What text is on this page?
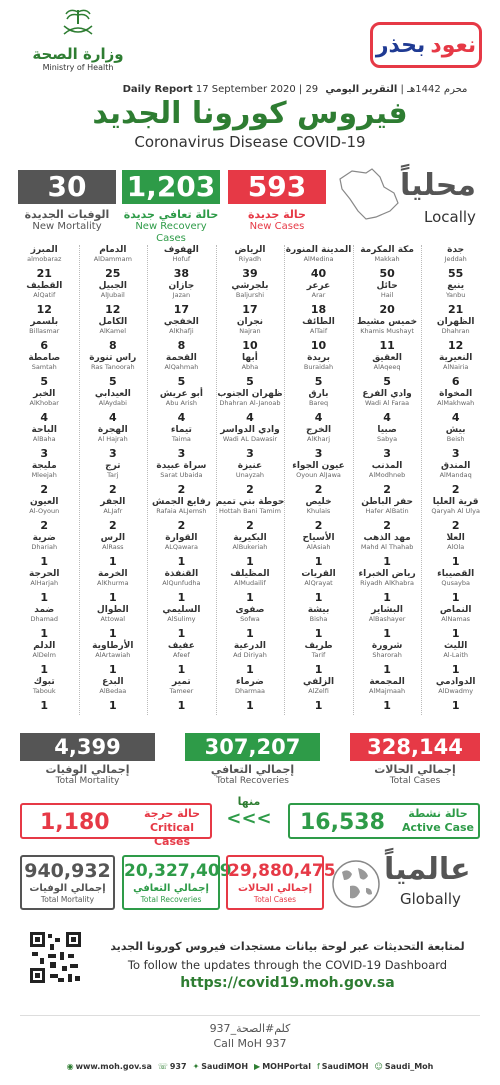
وزارة الصحة
Ministry of Health
بحذر
نعود
Daily Report 17 September 2020 | 29 محرم 1442هـ | التقرير اليومي
فيروس كورونا الجديد
Coronavirus Disease COVID-19
30
الوفيات الجديدة
New Mortality
1,203
حالة تعافي جديدة
New Recovery Cases
593
حالة جديدة
New Cases
محلياً
Locally
جدة
Jeddah
55
مكة المكرمة
Makkah
50
المدينة المنورة
AlMedina
40
الرياض
Riyadh
39
الهفوف
Hofuf
38
الدمام
AlDammam
25
المبرز
almobaraz
21
ينبع
Yanbu
21
حائل
Hail
20
عرعر
Arar
18
بلجرشي
Baljurshi
17
جازان
Jazan
17
الجبيل
AlJubail
12
القطيف
AlQatif
12
الظهران
Dhahran
12
خميس مشيط
Khamis Mushayt
11
الطائف
AlTaif
10
نجران
Najran
10
الخفجي
AlKhafji
8
الكامل
AlKamel
8
بلسمر
Billasmar
6
النعيرية
AlNairia
6
العقيق
AlAqeeq
5
بريدة
Buraidah
5
أبها
Abha
5
القحمة
AlQahmah
5
راس تنورة
Ras Tanoorah
5
صامطة
Samtah
5
المخواة
AlMakhwah
4
وادي الفرع
Wadi Al Faraa
4
بارق
Bareq
4
ظهران الجنوب
Dhahran Al-Janoab
4
أبو عريش
Abu Arish
4
العيدابي
AlAydabi
4
الخبر
AlKhobar
4
بيش
Beish
3
صبيا
Sabya
3
الخرج
AlKharj
3
وادي الدواسر
Wadi AL Dawasir
3
تيماء
Taima
3
الهجرة
Al Hajrah
3
الباحة
AlBaha
3
المندق
AlMandaq
2
المذنب
AlModhneb
2
عيون الجواء
Oyoun AlJawa
2
عنيزة
Unayzah
2
سراة عبيدة
Sarat Ubaida
2
ترج
Tarj
2
مليجة
Mleejah
2
قرية العليا
Qaryah Al Ulya
2
حفر الباطن
Hafer AlBatin
2
خليص
Khulais
2
حوطة بني تميم
Hottah Bani Tamim
2
رفايع الجمش
Rafaia ALJemsh
2
الجفر
ALJafr
2
العيون
Al-Oyoun
2
العلا
AlOla
1
مهد الذهب
Mahd Al Thahab
1
الأسياح
AlAsiah
1
البكيرية
AlBukeriah
1
القوارة
ALQawara
1
الرس
AlRass
1
ضرية
Dhariah
1
القصيباء
Qusayba
1
رياض الخبراء
Riyadh AlKhabra
1
القريات
AlQrayat
1
المظيلف
AlMudailif
1
القنفذة
AlQunfudha
1
الخرمة
AlKhurma
1
الحرجة
AlHarjah
1
النماص
AlNamas
1
البشاير
AlBashayer
1
بيشة
Bisha
1
صفوى
Sofwa
1
السليمي
AlSulimy
1
الطوال
Attowal
1
ضمد
Dhamad
1
الليث
Al-Laith
1
شرورة
Sharorah
1
طريف
Tarif
1
الدرعية
Ad Diriyah
1
عفيف
Afeef
1
الأرطاوية
AlArtawiah
1
الدلم
AlDelm
1
الدوادمي
AlDwadmy
1
المجمعة
AlMajmaah
1
الزلفي
AlZelfi
1
ضرماء
Dharmaa
1
تمير
Tameer
1
البدع
AlBedaa
1
تبوك
Tabouk
1
4,399
إجمالي الوفيات
Total Mortality
307,207
إجمالي التعافي
Total Recoveries
328,144
إجمالي الحالات
Total Cases
1,180	حالة حرجة
Critical Cases
منها
<<< 16,538	حالة نشطة
Active Case
940,932
إجمالي الوفيات
Total Mortality
20,327,409
إجمالي التعافي
Total Recoveries
29,880,475
إجمالي الحالات
Total Cases
عالمياً
Globally
لمتابعة التحديثات عبر لوحة بيانات مستجدات فيروس كورونا الجديد
To follow the updates through the COVID-19 Dashboard
https://covid19.moh.gov.sa
كلم#الصحة_937
Call MoH 937
◉ www.moh.gov.sa ☏ 937 ✦ SaudiMOH ▶ MOHPortal f SaudiMOH ☺ Saudi_Moh
